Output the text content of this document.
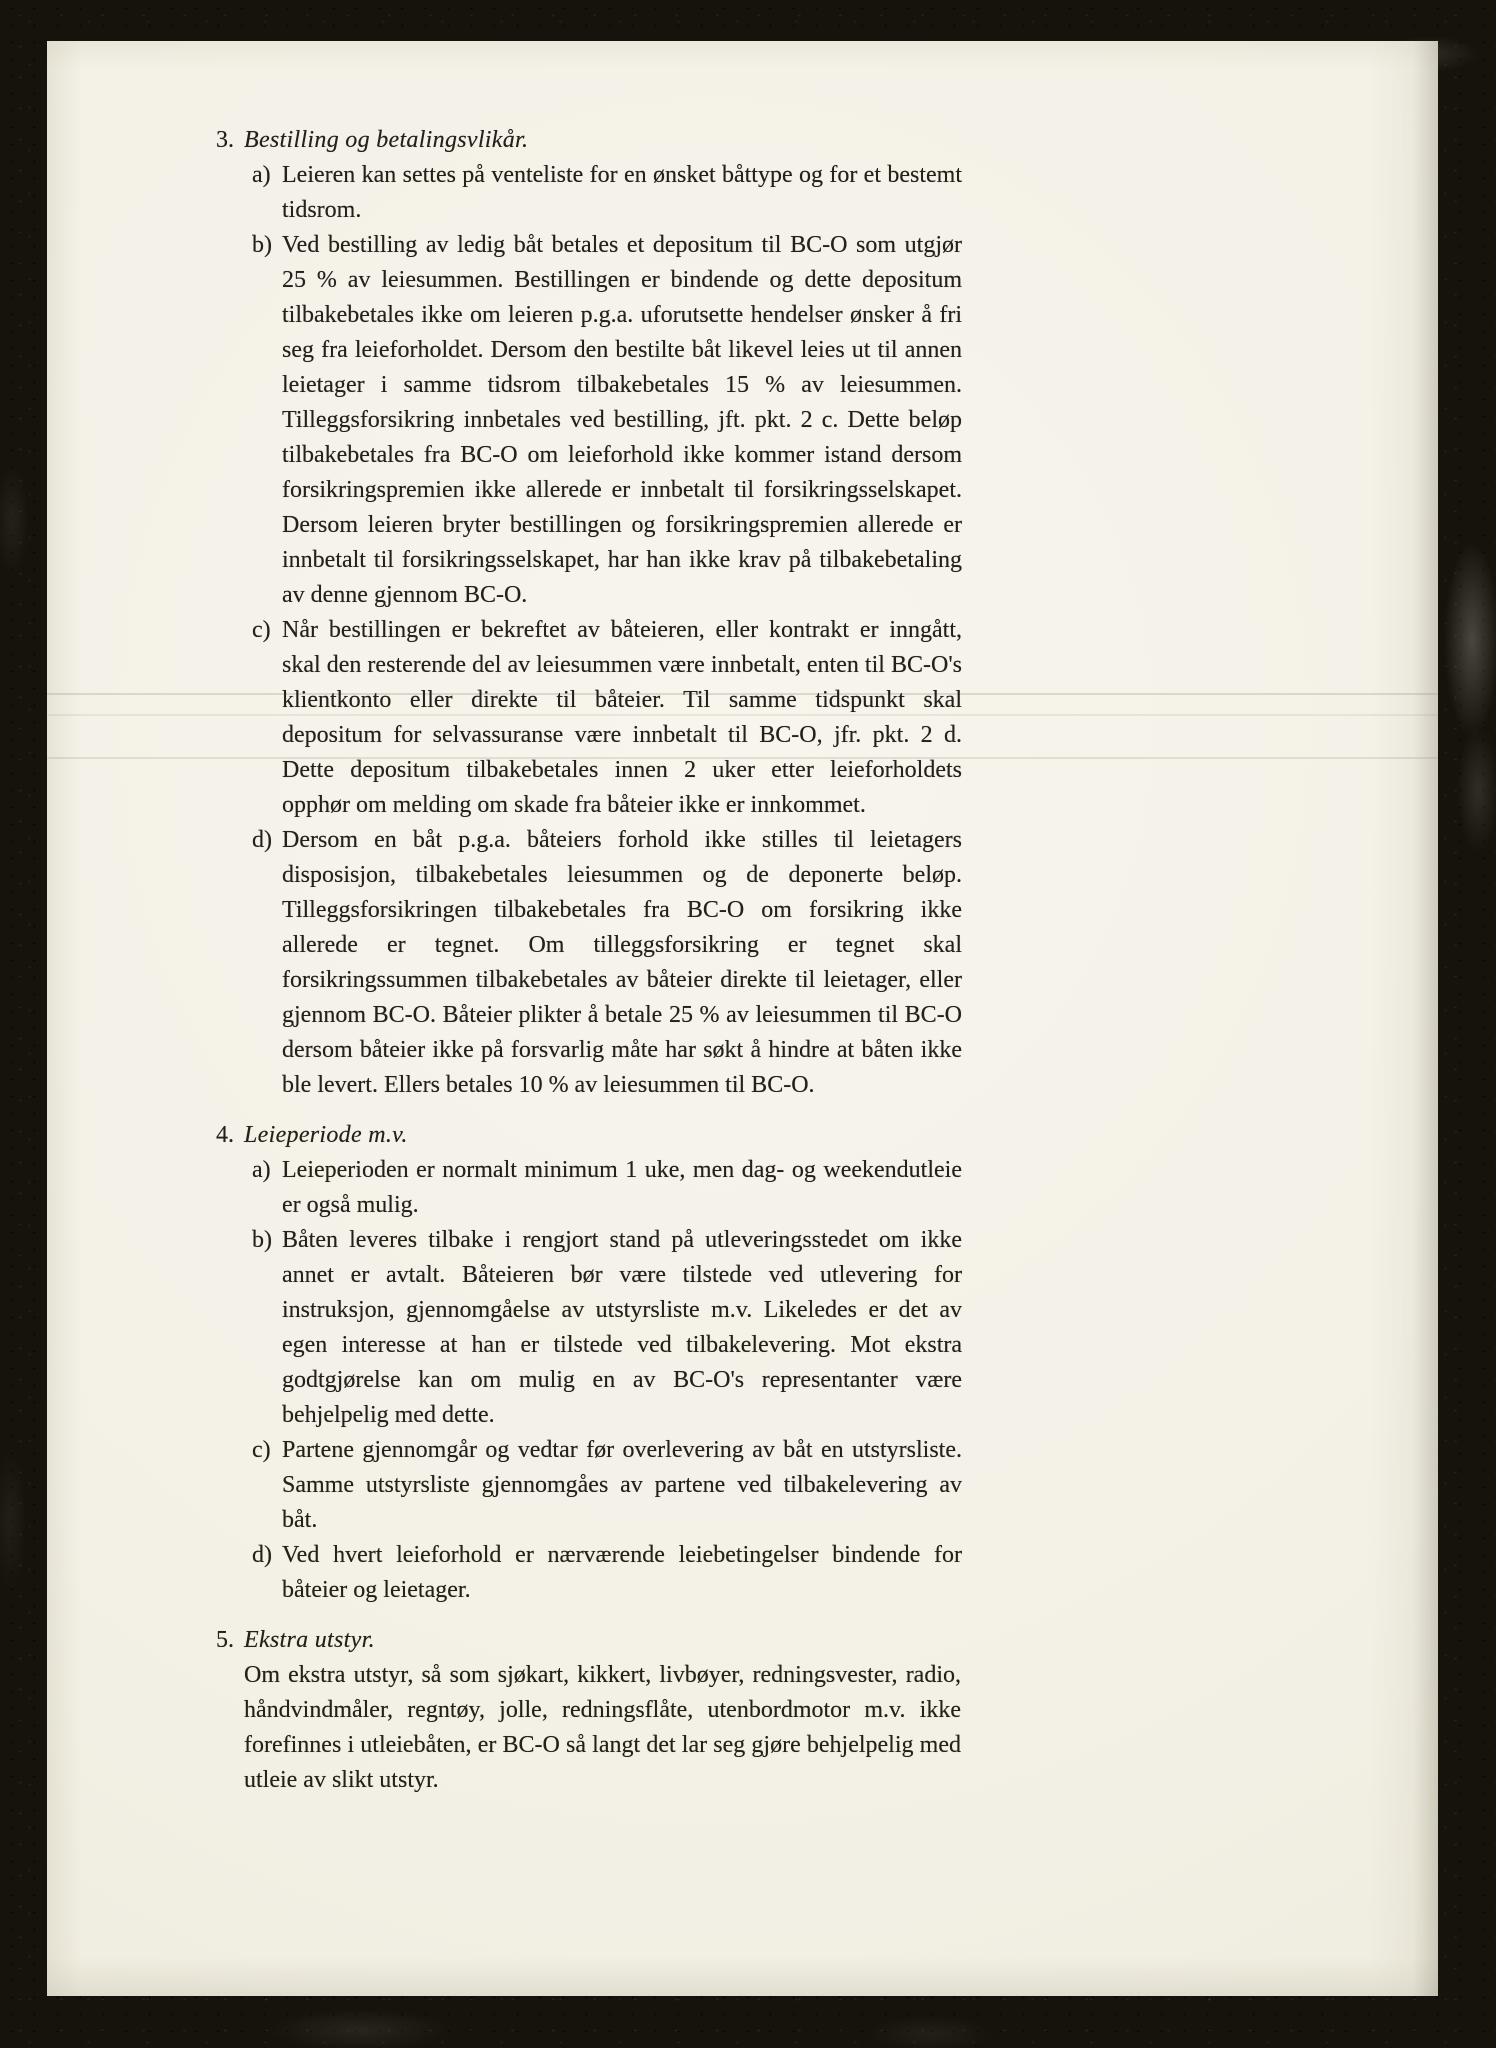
3. Bestilling og betalingsvlikår.
a) Leieren kan settes på venteliste for en ønsket båttype og for et bestemt tidsrom.
b) Ved bestilling av ledig båt betales et depositum til BC-O som utgjør 25 % av leiesummen. Bestillingen er bindende og dette depositum tilbakebetales ikke om leieren p.g.a. uforutsette hendelser ønsker å fri seg fra leieforholdet. Dersom den bestilte båt likevel leies ut til annen leietager i samme tidsrom tilbakebetales 15 % av leiesummen. Tilleggsforsikring innbetales ved bestilling, jft. pkt. 2 c. Dette beløp tilbakebetales fra BC-O om leieforhold ikke kommer istand dersom forsikringspremien ikke allerede er innbetalt til forsikringsselskapet. Dersom leieren bryter bestillingen og forsikringspremien allerede er innbetalt til forsikringsselskapet, har han ikke krav på tilbakebetaling av denne gjennom BC-O.
c) Når bestillingen er bekreftet av båteieren, eller kontrakt er inngått, skal den resterende del av leiesummen være innbetalt, enten til BC-O's klientkonto eller direkte til båteier. Til samme tidspunkt skal depositum for selvassuranse være innbetalt til BC-O, jfr. pkt. 2 d. Dette depositum tilbakebetales innen 2 uker etter leieforholdets opphør om melding om skade fra båteier ikke er innkommet.
d) Dersom en båt p.g.a. båteiers forhold ikke stilles til leietagers disposisjon, tilbakebetales leiesummen og de deponerte beløp. Tilleggsforsikringen tilbakebetales fra BC-O om forsikring ikke allerede er tegnet. Om tilleggsforsikring er tegnet skal forsikringssummen tilbakebetales av båteier direkte til leietager, eller gjennom BC-O. Båteier plikter å betale 25 % av leiesummen til BC-O dersom båteier ikke på forsvarlig måte har søkt å hindre at båten ikke ble levert. Ellers betales 10 % av leiesummen til BC-O.
4. Leieperiode m.v.
a) Leieperioden er normalt minimum 1 uke, men dag- og weekendutleie er også mulig.
b) Båten leveres tilbake i rengjort stand på utleveringsstedet om ikke annet er avtalt. Båteieren bør være tilstede ved utlevering for instruksjon, gjennomgåelse av utstyrsliste m.v. Likeledes er det av egen interesse at han er tilstede ved tilbakelevering. Mot ekstra godtgjørelse kan om mulig en av BC-O's representanter være behjelpelig med dette.
c) Partene gjennomgår og vedtar før overlevering av båt en utstyrsliste. Samme utstyrsliste gjennomgåes av partene ved tilbakelevering av båt.
d) Ved hvert leieforhold er nærværende leiebetingelser bindende for båteier og leietager.
5. Ekstra utstyr.
Om ekstra utstyr, så som sjøkart, kikkert, livbøyer, redningsvester, radio, håndvindmåler, regntøy, jolle, redningsflåte, utenbordmotor m.v. ikke forefinnes i utleiebåten, er BC-O så langt det lar seg gjøre behjelpelig med utleie av slikt utstyr.
